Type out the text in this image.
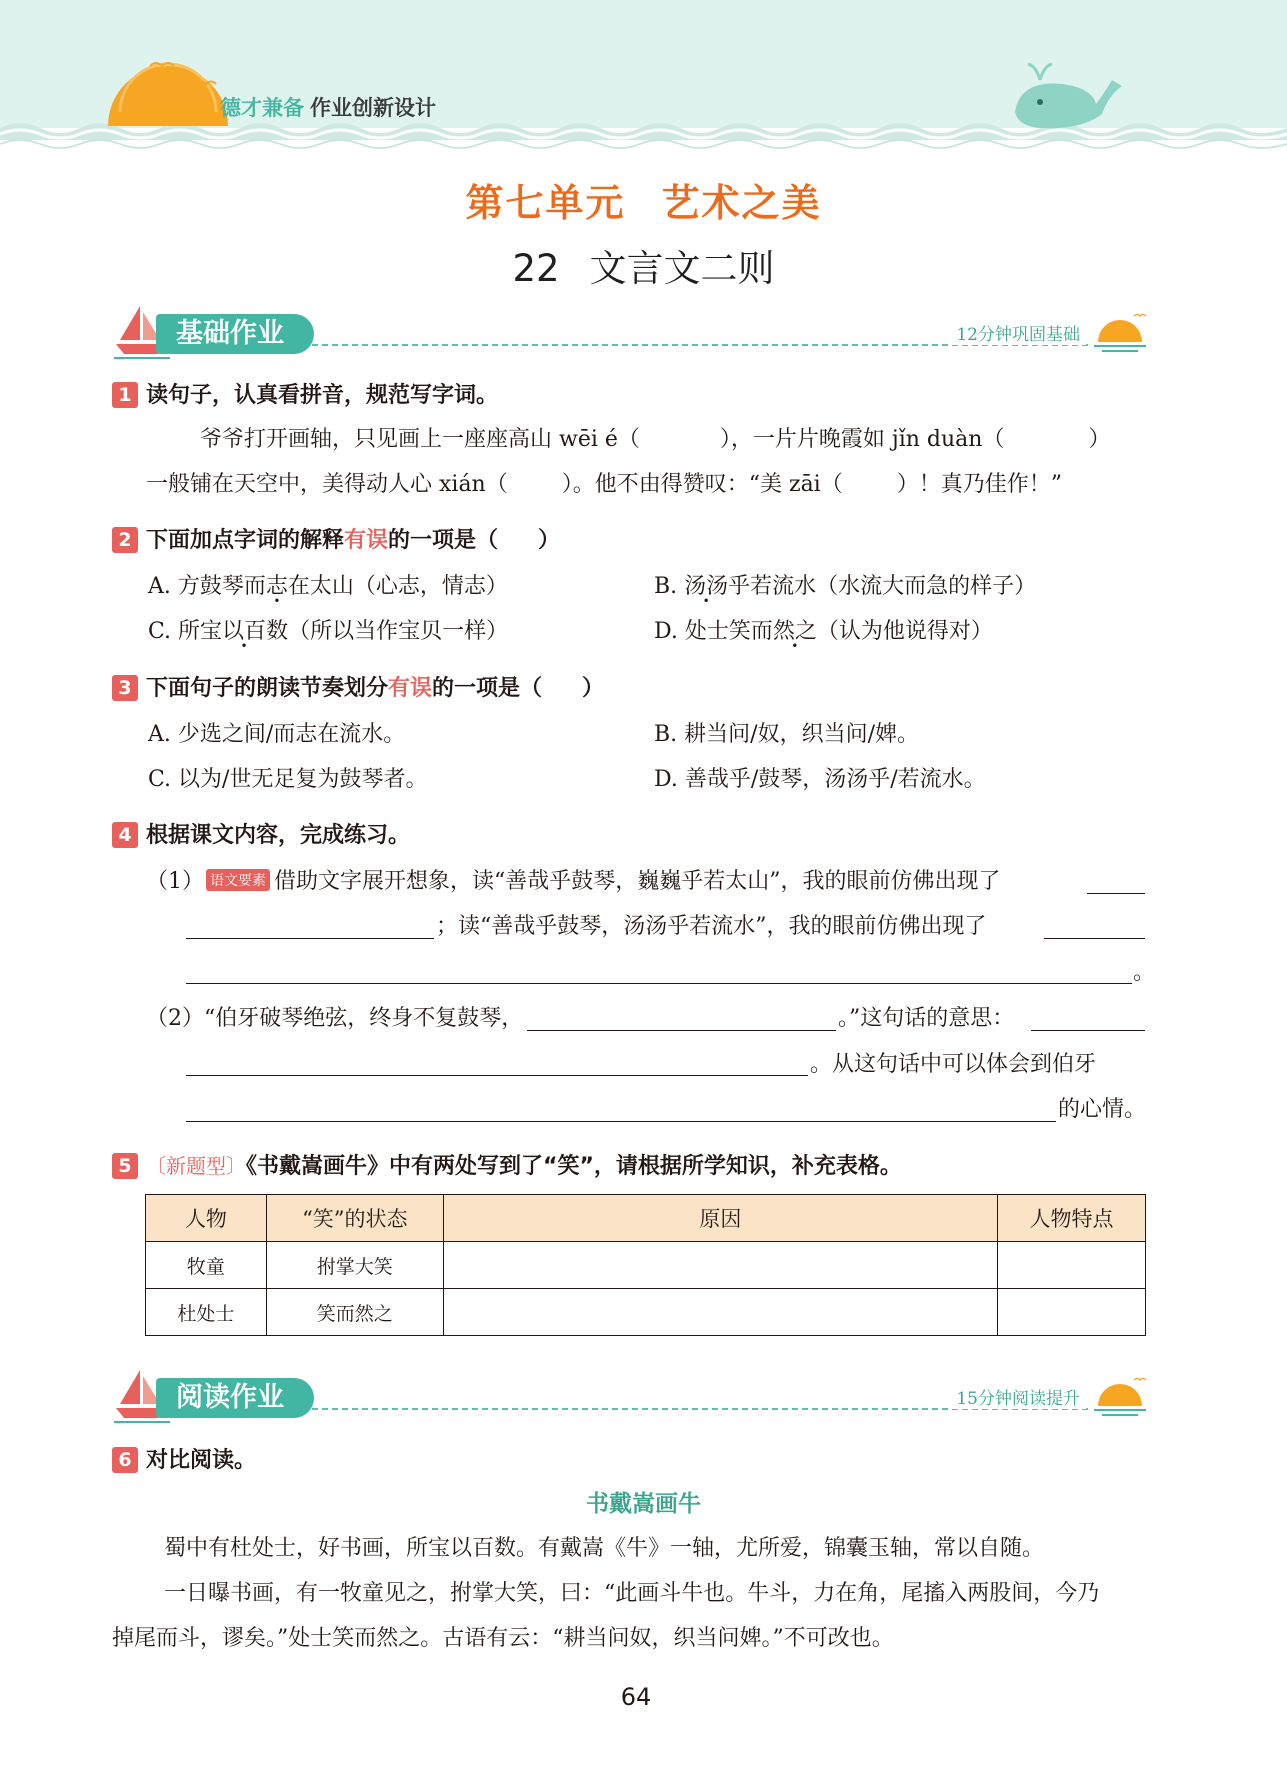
德才兼备 作业创新设计
第七单元 艺术之美
22 文言文二则
基础作业	12分钟巩固基础
1 读句子，认真看拼音，规范写字词。
爷爷打开画轴，只见画上一座座高山 wēi é（	），一片片晚霞如 jǐn duàn（	）
一般铺在天空中，美得动人心 xián（ ）。他不由得赞叹：“美 zāi（ ）！真乃佳作！”
2 下面加点字词的解释有误的一项是（ ）
A. 方鼓琴而志在太山（心志，情志）	B. 汤汤乎若流水（水流大而急的样子）
C. 所宝以百数（所以当作宝贝一样）	D. 处士笑而然之（认为他说得对）
3 下面句子的朗读节奏划分有误的一项是（ ）
A. 少选之间/而志在流水。	B. 耕当问/奴，织当问/婢。
C. 以为/世无足复为鼓琴者。	D. 善哉乎/鼓琴，汤汤乎/若流水。
4 根据课文内容，完成练习。
（1） 语文要素 借助文字展开想象，读“善哉乎鼓琴，巍巍乎若太山”，我的眼前仿佛出现了
；读“善哉乎鼓琴，汤汤乎若流水”，我的眼前仿佛出现了
。
（2）“伯牙破琴绝弦，终身不复鼓琴，	。”这句话的意思：
。从这句话中可以体会到伯牙
的心情。
5 〔新题型〕《书戴嵩画牛》中有两处写到了“笑”，请根据所学知识，补充表格。
人物	“笑”的状态	原因	人物特点
牧童	拊掌大笑		
杜处士	笑而然之		
阅读作业	15分钟阅读提升
6 对比阅读。
书戴嵩画牛
蜀中有杜处士，好书画，所宝以百数。有戴嵩《牛》一轴，尤所爱，锦囊玉轴，常以自随。
一日曝书画，有一牧童见之，拊掌大笑，曰：“此画斗牛也。牛斗，力在角，尾搐入两股间，今乃
掉尾而斗，谬矣。”处士笑而然之。古语有云：“耕当问奴，织当问婢。”不可改也。
64
